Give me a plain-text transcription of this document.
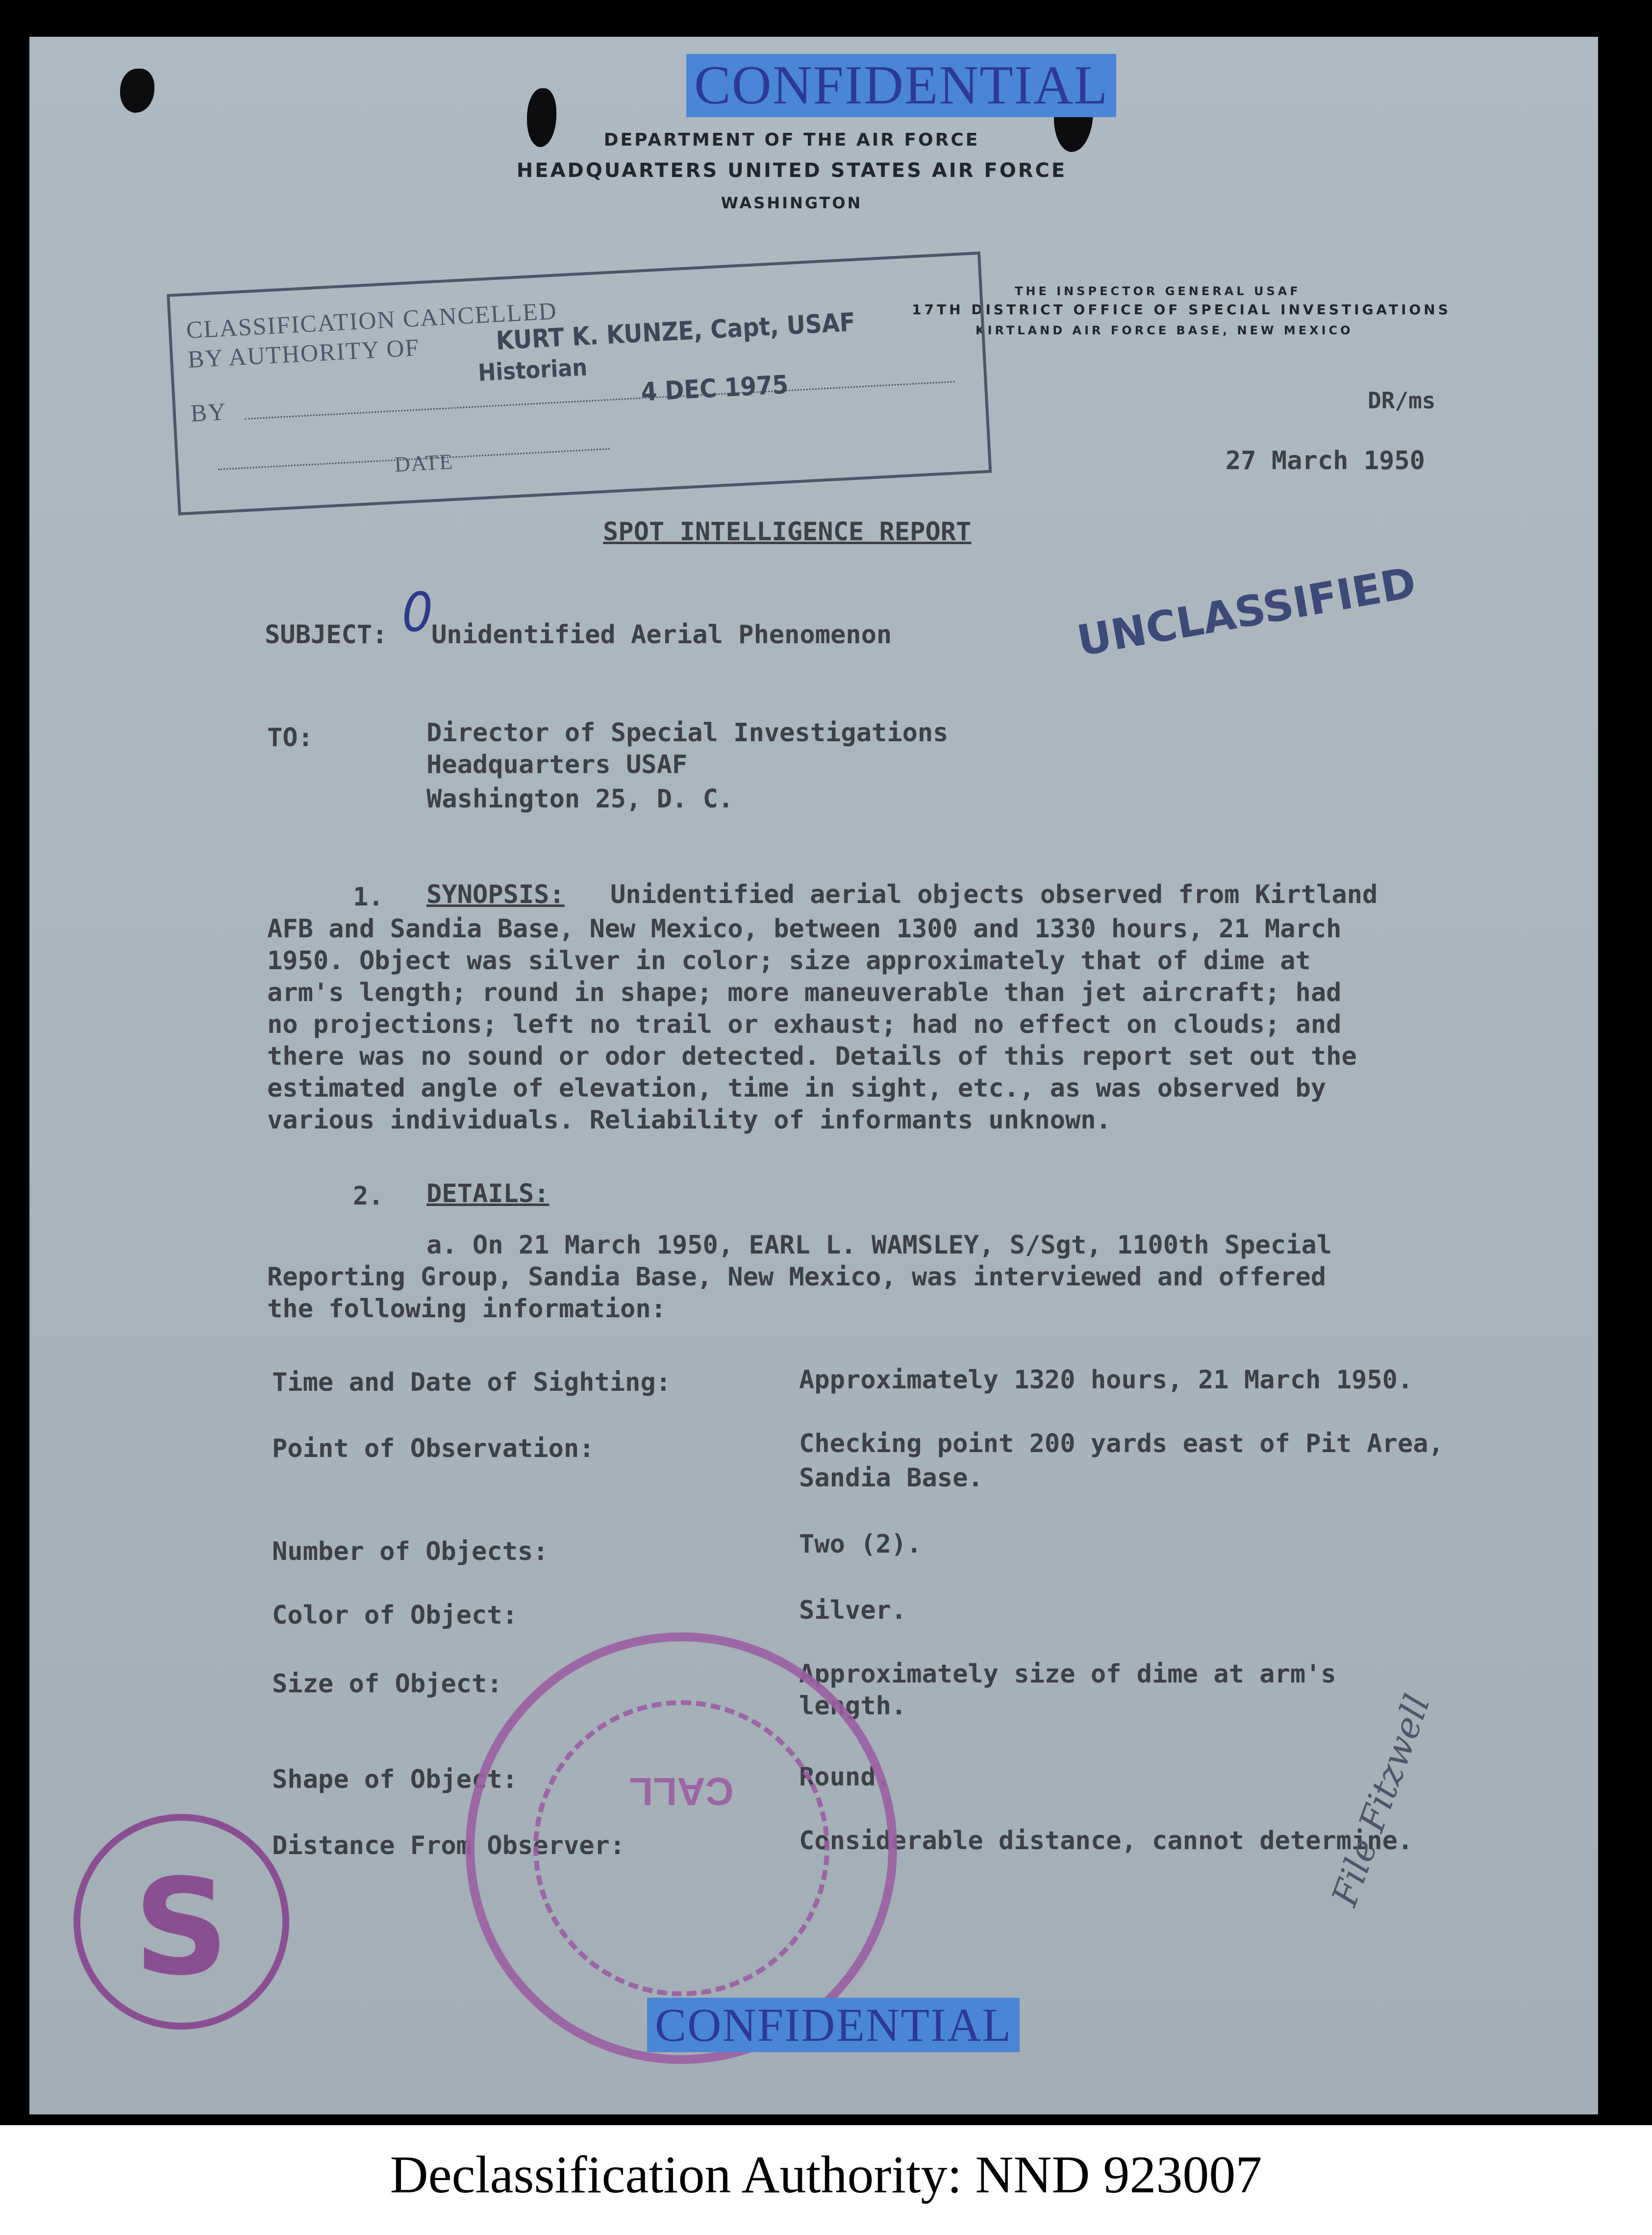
CONFIDENTIAL
DEPARTMENT OF THE AIR FORCE
HEADQUARTERS UNITED STATES AIR FORCE
WASHINGTON
THE INSPECTOR GENERAL USAF
17TH DISTRICT OFFICE OF SPECIAL INVESTIGATIONS
KIRTLAND AIR FORCE BASE, NEW MEXICO
CLASSIFICATION CANCELLED
BY AUTHORITY OF	KURT K. KUNZE, Capt, USAF
Historian
BY
4 DEC 1975
DATE
DR/ms
27 March 1950
SPOT INTELLIGENCE REPORT
SUBJECT: 0
Unidentified Aerial Phenomenon	UNCLASSIFIED
TO:	Director of Special Investigations
Headquarters USAF
Washington 25, D. C.
1. SYNOPSIS: Unidentified aerial objects observed from Kirtland
AFB and Sandia Base, New Mexico, between 1300 and 1330 hours, 21 March
1950. Object was silver in color; size approximately that of dime at
arm's length; round in shape; more maneuverable than jet aircraft; had
no projections; left no trail or exhaust; had no effect on clouds; and
there was no sound or odor detected. Details of this report set out the
estimated angle of elevation, time in sight, etc., as was observed by
various individuals. Reliability of informants unknown.
2. DETAILS:
a. On 21 March 1950, EARL L. WAMSLEY, S/Sgt, 1100th Special
Reporting Group, Sandia Base, New Mexico, was interviewed and offered
the following information:
Time and Date of Sighting:	Approximately 1320 hours, 21 March 1950.
Point of Observation:	Checking point 200 yards east of Pit Area,
Sandia Base.
Number of Objects:	Two (2).
Color of Object:	Silver.
Size of Object:	Approximately size of dime at arm's
length.
Shape of Object:	Round.
Distance From Observer:	Considerable distance, cannot determine.
CALL
S
File Fitzwell
CONFIDENTIAL
Declassification Authority: NND 923007
